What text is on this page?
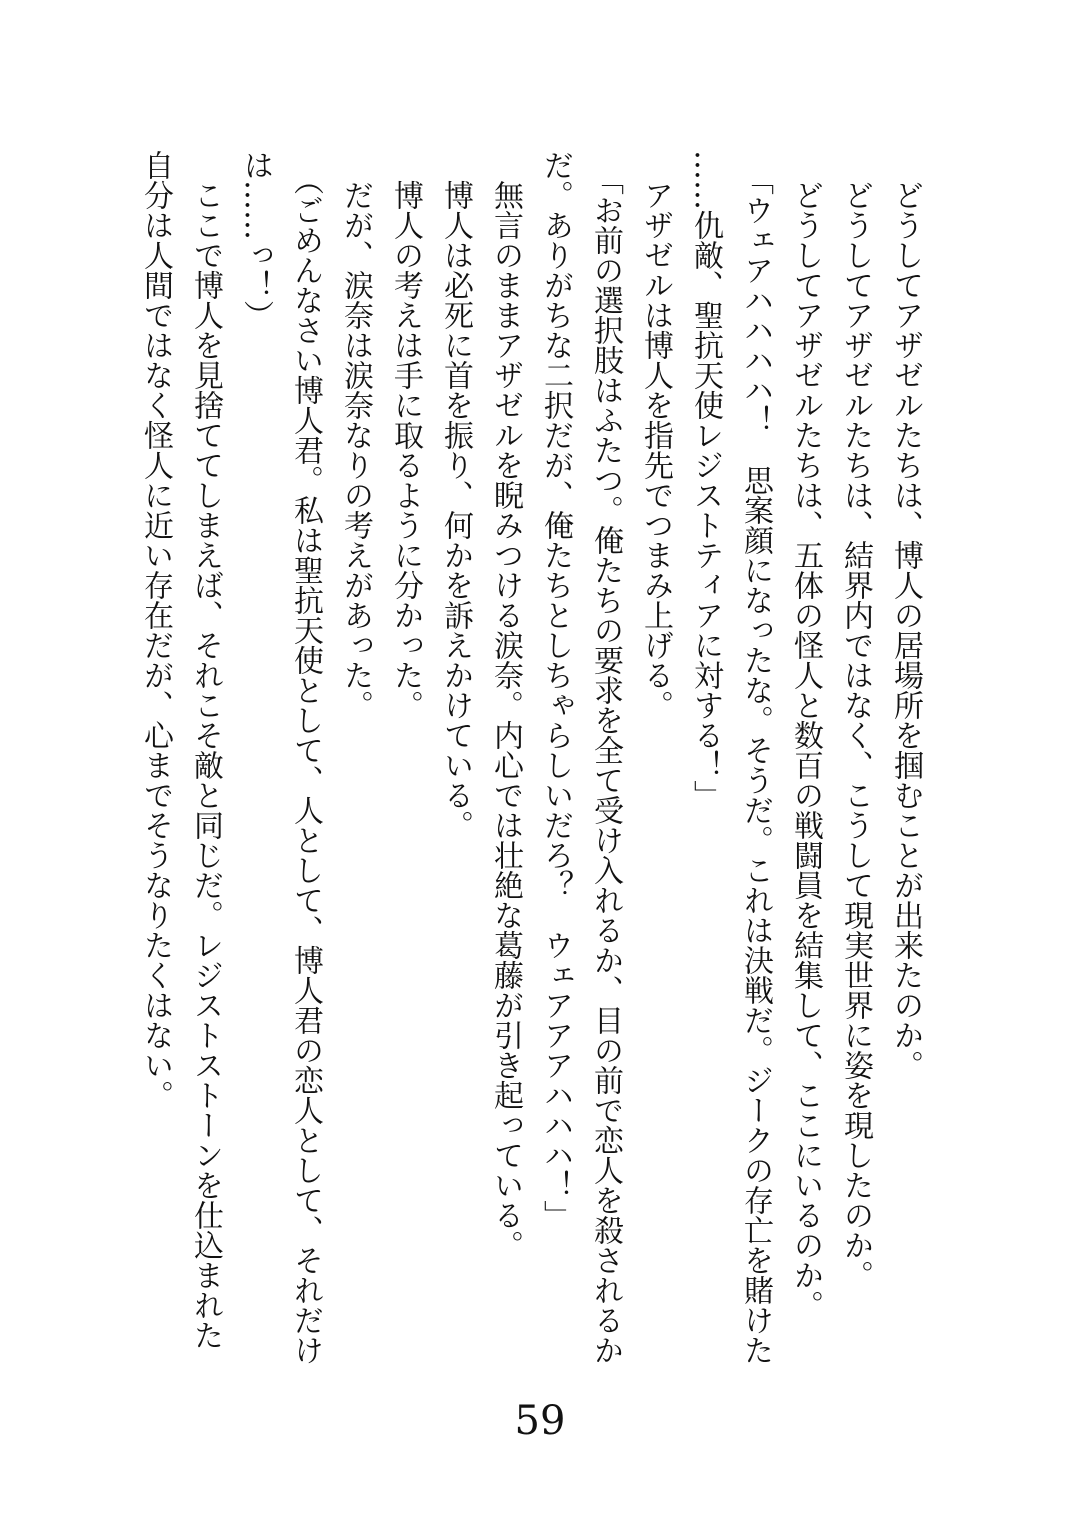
どうしてアザゼルたちは、博人の居場所を掴むことが出来たのか。
どうしてアザゼルたちは、結界内ではなく、こうして現実世界に姿を現したのか。
どうしてアザゼルたちは、五体の怪人と数百の戦闘員を結集して、ここにいるのか。
「ウェアハハハハ！　思案顔になったな。そうだ。これは決戦だ。ジークの存亡を賭けた
……仇敵、聖抗天使レジストティアに対する！」
アザゼルは博人を指先でつまみ上げる。
「お前の選択肢はふたつ。俺たちの要求を全て受け入れるか、目の前で恋人を殺されるか
だ。ありがちな二択だが、俺たちとしちゃらしいだろ？　ウェアアアハハハ！」
無言のままアザゼルを睨みつける涙奈。内心では壮絶な葛藤が引き起っている。
博人は必死に首を振り、何かを訴えかけている。
博人の考えは手に取るように分かった。
だが、涙奈は涙奈なりの考えがあった。
（ごめんなさい博人君。私は聖抗天使として、人として、博人君の恋人として、それだけ
は……っ！）
ここで博人を見捨ててしまえば、それこそ敵と同じだ。レジストストーンを仕込まれた
自分は人間ではなく怪人に近い存在だが、心までそうなりたくはない。
59
